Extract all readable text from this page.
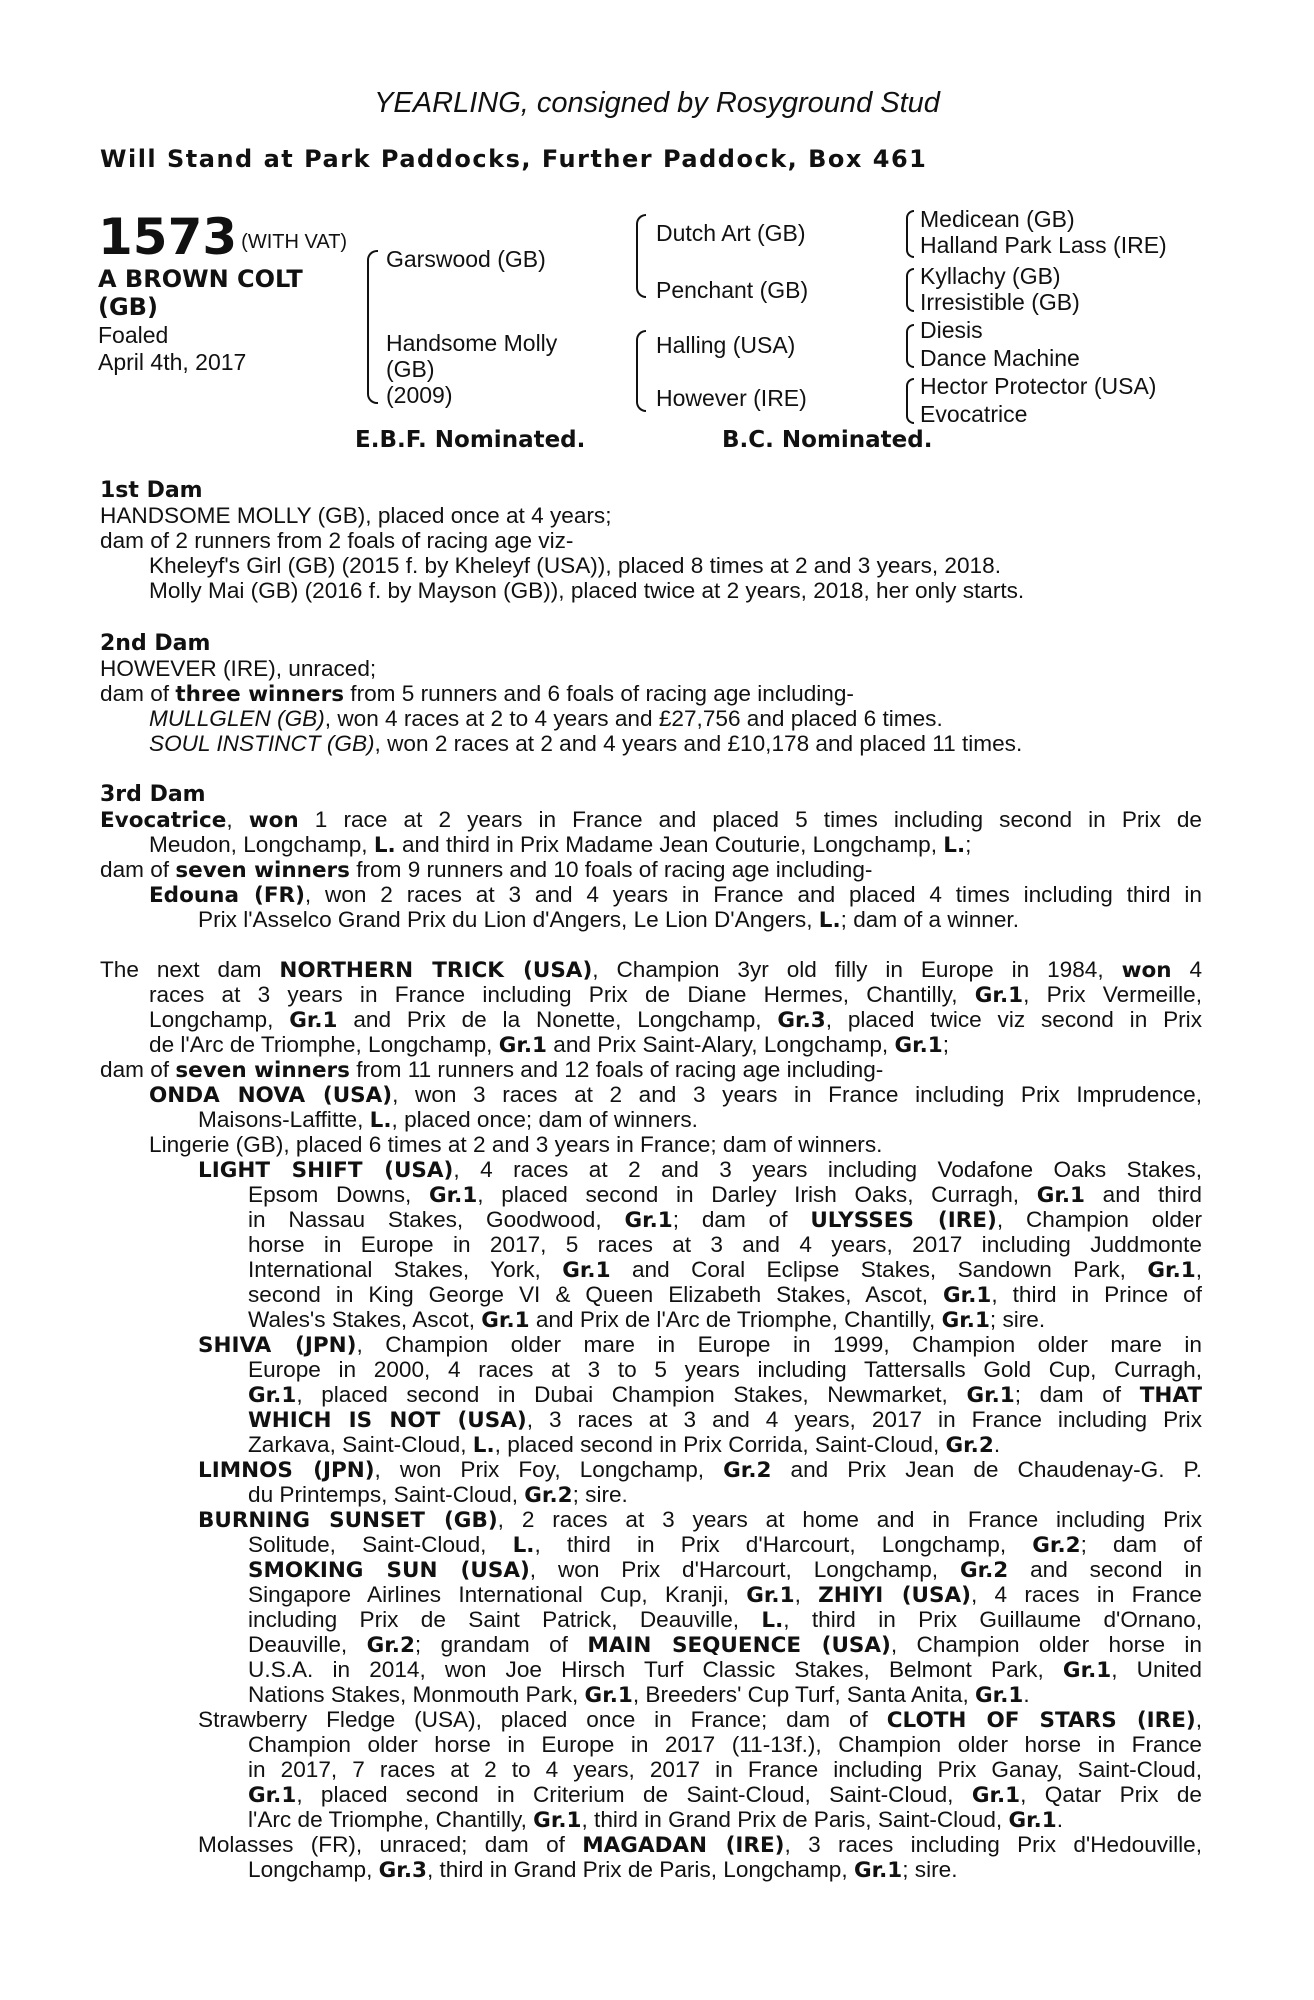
YEARLING, consigned by Rosyground Stud
Will Stand at Park Paddocks, Further Paddock, Box 461
1573 (WITH VAT)
A BROWN COLT
(GB)
Foaled
April 4th, 2017
Garswood (GB)
Handsome Molly
(GB)
(2009)
Dutch Art (GB)
Penchant (GB)
Halling (USA)
However (IRE)
Medicean (GB)
Halland Park Lass (IRE)
Kyllachy (GB)
Irresistible (GB)
Diesis
Dance Machine
Hector Protector (USA)
Evocatrice
E.B.F. Nominated.	B.C. Nominated.
1st Dam
HANDSOME MOLLY (GB), placed once at 4 years;
dam of 2 runners from 2 foals of racing age viz-
Kheleyf's Girl (GB) (2015 f. by Kheleyf (USA)), placed 8 times at 2 and 3 years, 2018.
Molly Mai (GB) (2016 f. by Mayson (GB)), placed twice at 2 years, 2018, her only starts.
2nd Dam
HOWEVER (IRE), unraced;
dam of three winners from 5 runners and 6 foals of racing age including-
MULLGLEN (GB), won 4 races at 2 to 4 years and £27,756 and placed 6 times.
SOUL INSTINCT (GB), won 2 races at 2 and 4 years and £10,178 and placed 11 times.
3rd Dam
Evocatrice, won 1 race at 2 years in France and placed 5 times including second in Prix de
Meudon, Longchamp, L. and third in Prix Madame Jean Couturie, Longchamp, L.;
dam of seven winners from 9 runners and 10 foals of racing age including-
Edouna (FR), won 2 races at 3 and 4 years in France and placed 4 times including third in
Prix l'Asselco Grand Prix du Lion d'Angers, Le Lion D'Angers, L.; dam of a winner.
The next dam NORTHERN TRICK (USA), Champion 3yr old filly in Europe in 1984, won 4
races at 3 years in France including Prix de Diane Hermes, Chantilly, Gr.1, Prix Vermeille,
Longchamp, Gr.1 and Prix de la Nonette, Longchamp, Gr.3, placed twice viz second in Prix
de l'Arc de Triomphe, Longchamp, Gr.1 and Prix Saint-Alary, Longchamp, Gr.1;
dam of seven winners from 11 runners and 12 foals of racing age including-
ONDA NOVA (USA), won 3 races at 2 and 3 years in France including Prix Imprudence,
Maisons-Laffitte, L., placed once; dam of winners.
Lingerie (GB), placed 6 times at 2 and 3 years in France; dam of winners.
LIGHT SHIFT (USA), 4 races at 2 and 3 years including Vodafone Oaks Stakes,
Epsom Downs, Gr.1, placed second in Darley Irish Oaks, Curragh, Gr.1 and third
in Nassau Stakes, Goodwood, Gr.1; dam of ULYSSES (IRE), Champion older
horse in Europe in 2017, 5 races at 3 and 4 years, 2017 including Juddmonte
International Stakes, York, Gr.1 and Coral Eclipse Stakes, Sandown Park, Gr.1,
second in King George VI & Queen Elizabeth Stakes, Ascot, Gr.1, third in Prince of
Wales's Stakes, Ascot, Gr.1 and Prix de l'Arc de Triomphe, Chantilly, Gr.1; sire.
SHIVA (JPN), Champion older mare in Europe in 1999, Champion older mare in
Europe in 2000, 4 races at 3 to 5 years including Tattersalls Gold Cup, Curragh,
Gr.1, placed second in Dubai Champion Stakes, Newmarket, Gr.1; dam of THAT
WHICH IS NOT (USA), 3 races at 3 and 4 years, 2017 in France including Prix
Zarkava, Saint-Cloud, L., placed second in Prix Corrida, Saint-Cloud, Gr.2.
LIMNOS (JPN), won Prix Foy, Longchamp, Gr.2 and Prix Jean de Chaudenay-G. P.
du Printemps, Saint-Cloud, Gr.2; sire.
BURNING SUNSET (GB), 2 races at 3 years at home and in France including Prix
Solitude, Saint-Cloud, L., third in Prix d'Harcourt, Longchamp, Gr.2; dam of
SMOKING SUN (USA), won Prix d'Harcourt, Longchamp, Gr.2 and second in
Singapore Airlines International Cup, Kranji, Gr.1, ZHIYI (USA), 4 races in France
including Prix de Saint Patrick, Deauville, L., third in Prix Guillaume d'Ornano,
Deauville, Gr.2; grandam of MAIN SEQUENCE (USA), Champion older horse in
U.S.A. in 2014, won Joe Hirsch Turf Classic Stakes, Belmont Park, Gr.1, United
Nations Stakes, Monmouth Park, Gr.1, Breeders' Cup Turf, Santa Anita, Gr.1.
Strawberry Fledge (USA), placed once in France; dam of CLOTH OF STARS (IRE),
Champion older horse in Europe in 2017 (11-13f.), Champion older horse in France
in 2017, 7 races at 2 to 4 years, 2017 in France including Prix Ganay, Saint-Cloud,
Gr.1, placed second in Criterium de Saint-Cloud, Saint-Cloud, Gr.1, Qatar Prix de
l'Arc de Triomphe, Chantilly, Gr.1, third in Grand Prix de Paris, Saint-Cloud, Gr.1.
Molasses (FR), unraced; dam of MAGADAN (IRE), 3 races including Prix d'Hedouville,
Longchamp, Gr.3, third in Grand Prix de Paris, Longchamp, Gr.1; sire.
